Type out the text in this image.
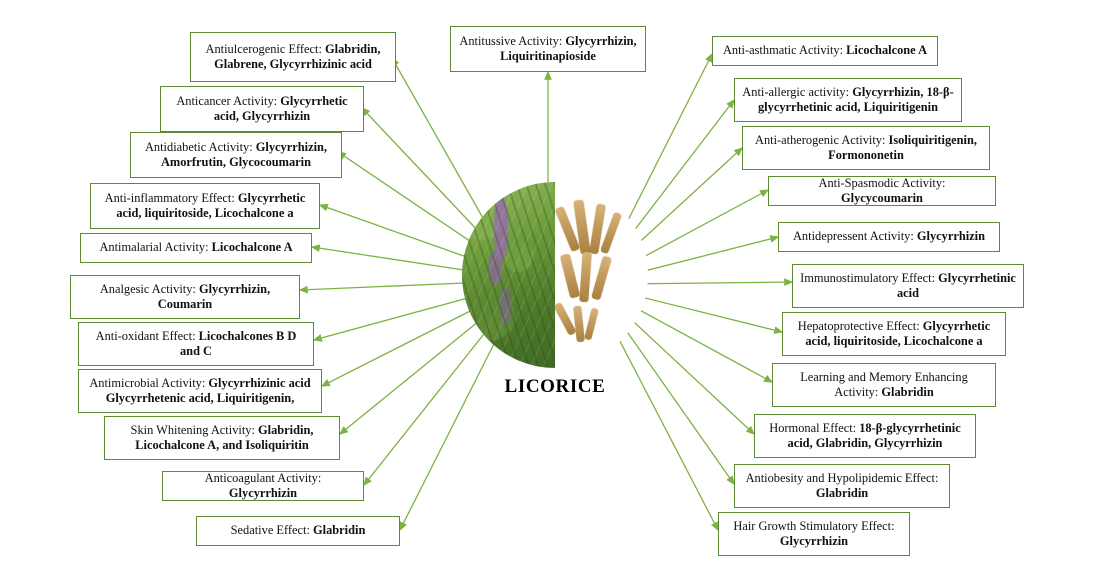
Antiulcerogenic Effect: Glabridin, Glabrene, Glycyrrhizinic acid
Anticancer Activity: Glycyrrhetic acid, Glycyrrhizin
Antidiabetic Activity: Glycyrrhizin, Amorfrutin, Glycocoumarin
Anti-inflammatory Effect: Glycyrrhetic acid, liquiritoside, Licochalcone a
Antimalarial Activity: Licochalcone A
Analgesic Activity: Glycyrrhizin, Coumarin
Anti-oxidant Effect: Licochalcones B D and C
Antimicrobial Activity: Glycyrrhizinic acid Glycyrrhetenic acid, Liquiritigenin,
Skin Whitening Activity: Glabridin, Licochalcone A, and Isoliquiritin
Anticoagulant Activity: Glycyrrhizin
Sedative Effect: Glabridin
Antitussive Activity: Glycyrrhizin, Liquiritinapioside	Anti-asthmatic Activity: Licochalcone A
Anti-allergic activity: Glycyrrhizin, 18-β-glycyrrhetinic acid, Liquiritigenin
Anti-atherogenic Activity: Isoliquiritigenin, Formononetin
Anti-Spasmodic Activity: Glycycoumarin
Antidepressent Activity: Glycyrrhizin
Immunostimulatory Effect: Glycyrrhetinic acid
Hepatoprotective Effect: Glycyrrhetic acid, liquiritoside, Licochalcone a
Learning and Memory Enhancing Activity: Glabridin
Hormonal Effect: 18-β-glycyrrhetinic acid, Glabridin, Glycyrrhizin
Antiobesity and Hypolipidemic Effect: Glabridin
Hair Growth Stimulatory Effect: Glycyrrhizin
LICORICE
